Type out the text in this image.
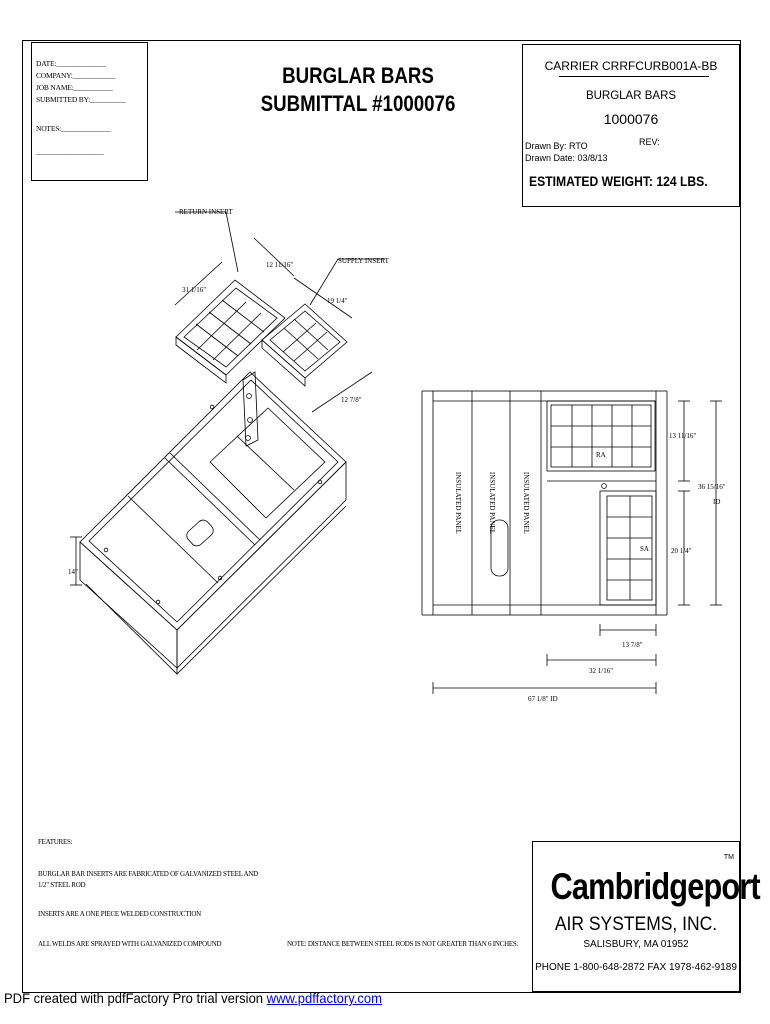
DATE:______________
COMPANY:____________
JOB NAME:___________
SUBMITTED BY:__________
NOTES:______________
___________________
BURGLAR BARS
SUBMITTAL #1000076
CARRIER CRRFCURB001A-BB
BURGLAR BARS
1000076
REV:
Drawn By: RTO
Drawn Date: 03/8/13
ESTIMATED WEIGHT: 124 LBS.
RETURN INSERT
SUPPLY INSERT
12 11/16"
31 1/16"
19 1/4"
12 7/8"
14"
INSULATED PANEL	INSULATED PANEL	INSULATED PANEL
RA
SA
13 11/16"
36 15/16"
ID
20 1/4"
13 7/8"
32 1/16"
67 1/8" ID
FEATURES:
BURGLAR BAR INSERTS ARE FABRICATED OF GALVANIZED STEEL AND
1/2" STEEL ROD
INSERTS ARE A ONE PIECE WELDED CONSTRUCTION
ALL WELDS ARE SPRAYED WITH GALVANIZED COMPOUND	NOTE: DISTANCE BETWEEN STEEL RODS IS NOT GREATER THAN 6 INCHES.
TM
Cambridgeport
AIR SYSTEMS, INC.
SALISBURY, MA 01952
PHONE 1-800-648-2872 FAX 1978-462-9189
PDF created with pdfFactory Pro trial version www.pdffactory.com
